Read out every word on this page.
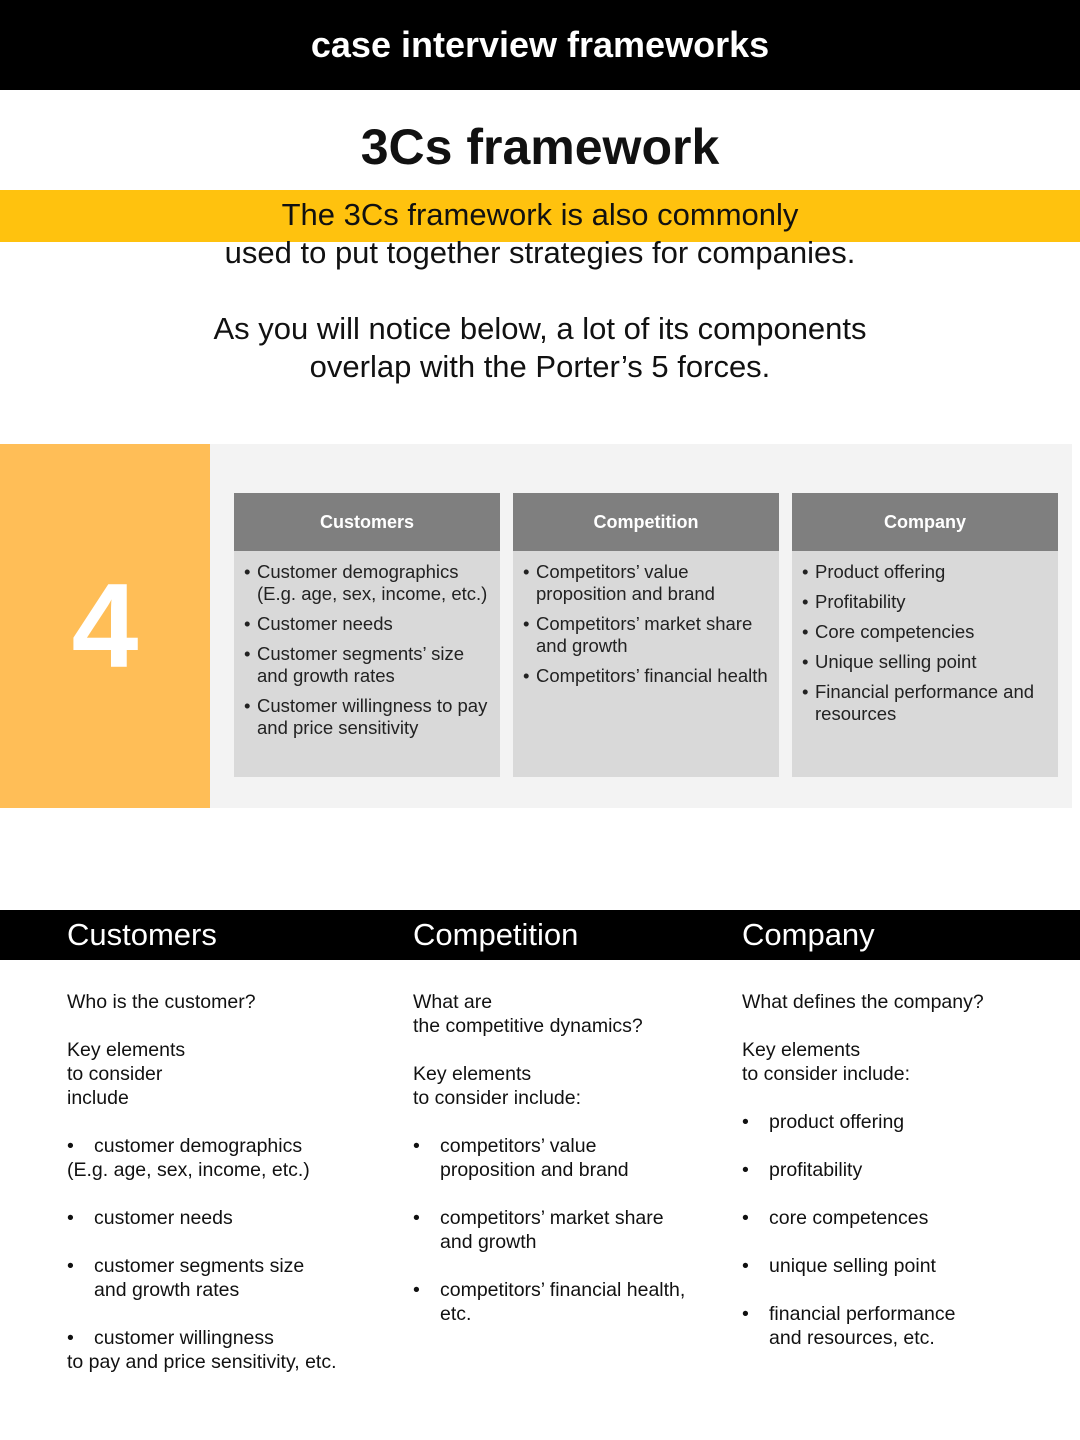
case interview frameworks
3Cs framework

The 3Cs framework is also commonly

used to put together strategies for companies.

As you will notice below, a lot of its components

overlap with the Porter’s 5 forces.

4
Customers
• Customer demographics (E.g. age, sex, income, etc.)
• Customer needs
• Customer segments’ size and growth rates
• Customer willingness to pay and price sensitivity
Competition
• Competitors’ value proposition and brand
• Competitors’ market share and growth
• Competitors’ financial health
Company
• Product offering
• Profitability
• Core competencies
• Unique selling point
• Financial performance and resources
Customers	Competition	Company
Who is the customer?
Key elements
to consider
include
• customer demographics
(E.g. age, sex, income, etc.)
• customer needs
• customer segments size
and growth rates
• customer willingness
to pay and price sensitivity, etc.
What are
the competitive dynamics?
Key elements
to consider include:
• competitors’ value
proposition and brand
• competitors’ market share
and growth
• competitors’ financial health,
etc.
What defines the company?
Key elements
to consider include:
• product offering
• profitability
• core competences
• unique selling point
• financial performance
and resources, etc.
